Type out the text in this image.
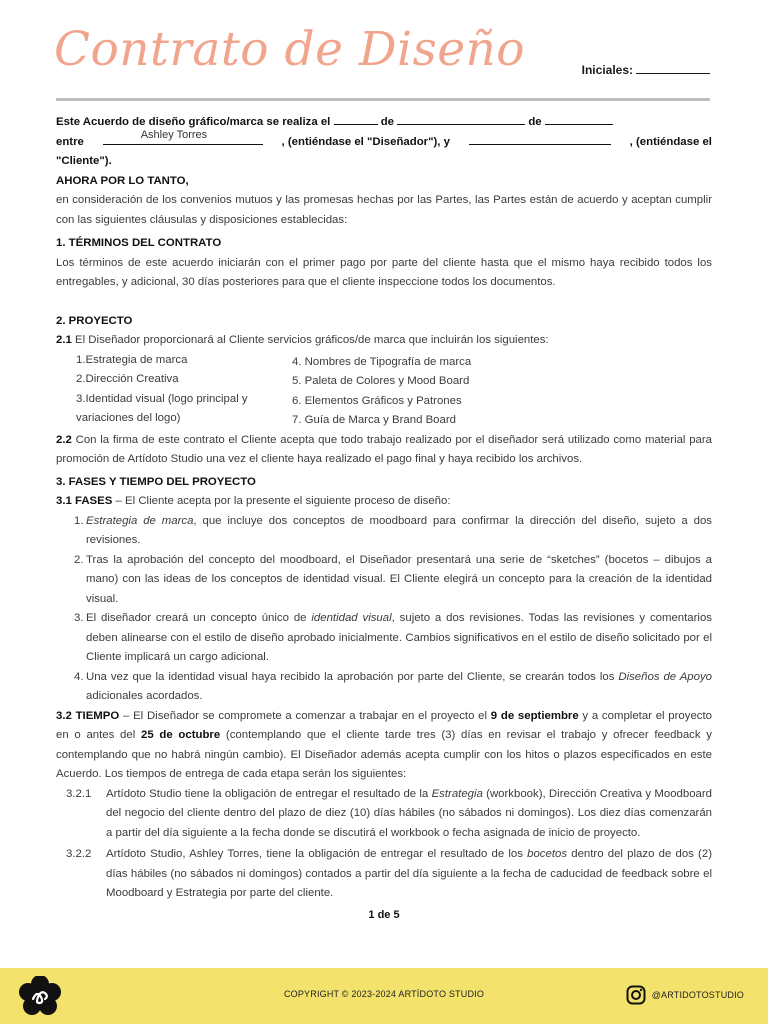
Contrato de Diseño	Iniciales:

Este Acuerdo de diseño gráfico/marca se realiza el	de	de

entre
Ashley Torres
, (entiéndase el "Diseñador"), y	, (entiéndase el

"Cliente").

AHORA POR LO TANTO,

en consideración de los convenios mutuos y las promesas hechas por las Partes, las Partes están de acuerdo y aceptan cumplir con las siguientes cláusulas y disposiciones establecidas:

1. TÉRMINOS DEL CONTRATO

Los términos de este acuerdo iniciarán con el primer pago por parte del cliente hasta que el mismo haya recibido todos los entregables, y adicional, 30 días posteriores para que el cliente inspeccione todos los documentos.

2. PROYECTO

2.1 El Diseñador proporcionará al Cliente servicios gráficos/de marca que incluirán los siguientes:

1.Estrategia de marca
2.Dirección Creativa
3.Identidad visual (logo principal y
variaciones del logo)
4. Nombres de Tipografía de marca
5. Paleta de Colores y Mood Board
6. Elementos Gráficos y Patrones
7. Guía de Marca y Brand Board

2.2 Con la firma de este contrato el Cliente acepta que todo trabajo realizado por el diseñador será utilizado como material para promoción de Artídoto Studio una vez el cliente haya realizado el pago final y haya recibido los archivos.

3. FASES Y TIEMPO DEL PROYECTO

3.1 FASES – El Cliente acepta por la presente el siguiente proceso de diseño:

1. Estrategia de marca, que incluye dos conceptos de moodboard para confirmar la dirección del diseño, sujeto a dos revisiones.
2. Tras la aprobación del concepto del moodboard, el Diseñador presentará una serie de “sketches” (bocetos – dibujos a mano) con las ideas de los conceptos de identidad visual. El Cliente elegirá un concepto para la creación de la identidad visual.
3. El diseñador creará un concepto único de identidad visual, sujeto a dos revisiones. Todas las revisiones y comentarios deben alinearse con el estilo de diseño aprobado inicialmente. Cambios significativos en el estilo de diseño solicitado por el Cliente implicará un cargo adicional.
4. Una vez que la identidad visual haya recibido la aprobación por parte del Cliente, se crearán todos los Diseños de Apoyo adicionales acordados.

3.2 TIEMPO – El Diseñador se compromete a comenzar a trabajar en el proyecto el 9 de septiembre y a completar el proyecto en o antes del 25 de octubre (contemplando que el cliente tarde tres (3) días en revisar el trabajo y ofrecer feedback y contemplando que no habrá ningún cambio). El Diseñador además acepta cumplir con los hitos o plazos especificados en este Acuerdo. Los tiempos de entrega de cada etapa serán los siguientes:

3.2.1 Artídoto Studio tiene la obligación de entregar el resultado de la Estrategia (workbook), Dirección Creativa y Moodboard del negocio del cliente dentro del plazo de diez (10) días hábiles (no sábados ni domingos). Los diez días comenzarán a partir del día siguiente a la fecha donde se discutirá el workbook o fecha asignada de inicio de proyecto.
3.2.2 Artídoto Studio, Ashley Torres, tiene la obligación de entregar el resultado de los bocetos dentro del plazo de dos (2) días hábiles (no sábados ni domingos) contados a partir del día siguiente a la fecha de caducidad de feedback sobre el Moodboard y Estrategia por parte del cliente.
1 de 5
COPYRIGHT © 2023-2024 ARTÍDOTO STUDIO	@ARTIDOTOSTUDIO
